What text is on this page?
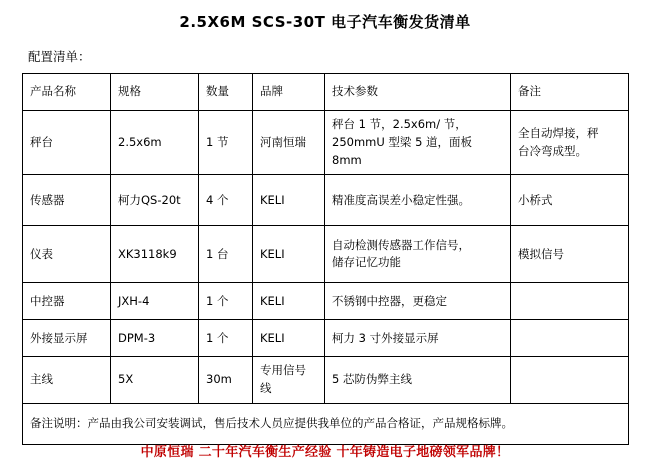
2.5X6M SCS-30T 电子汽车衡发货清单
配置清单：
产品名称	规格	数量	品牌	技术参数	备注
秤台	2.5x6m	1 节	河南恒瑞	秤台 1 节，2.5x6m/ 节，
250mmU 型梁 5 道，面板 8mm	全自动焊接，秤
台冷弯成型。

传感器	柯力QS-20t	4 个	KELI	精准度高误差小稳定性强。	小桥式
仪表	XK3118k9	1 台	KELI	自动检测传感器工作信号，
储存记忆功能	模拟信号
中控器	JXH-4	1 个	KELI	不锈钢中控器，更稳定	
外接显示屏	DPM-3	1 个	KELI	柯力 3 寸外接显示屏	
主线	5X	30m	专用信号线	5 芯防伪弊主线	
备注说明：产品由我公司安装调试，售后技术人员应提供我单位的产品合格证，产品规格标牌。					
中原恒瑞 二十年汽车衡生产经验 十年铸造电子地磅领军品牌！
